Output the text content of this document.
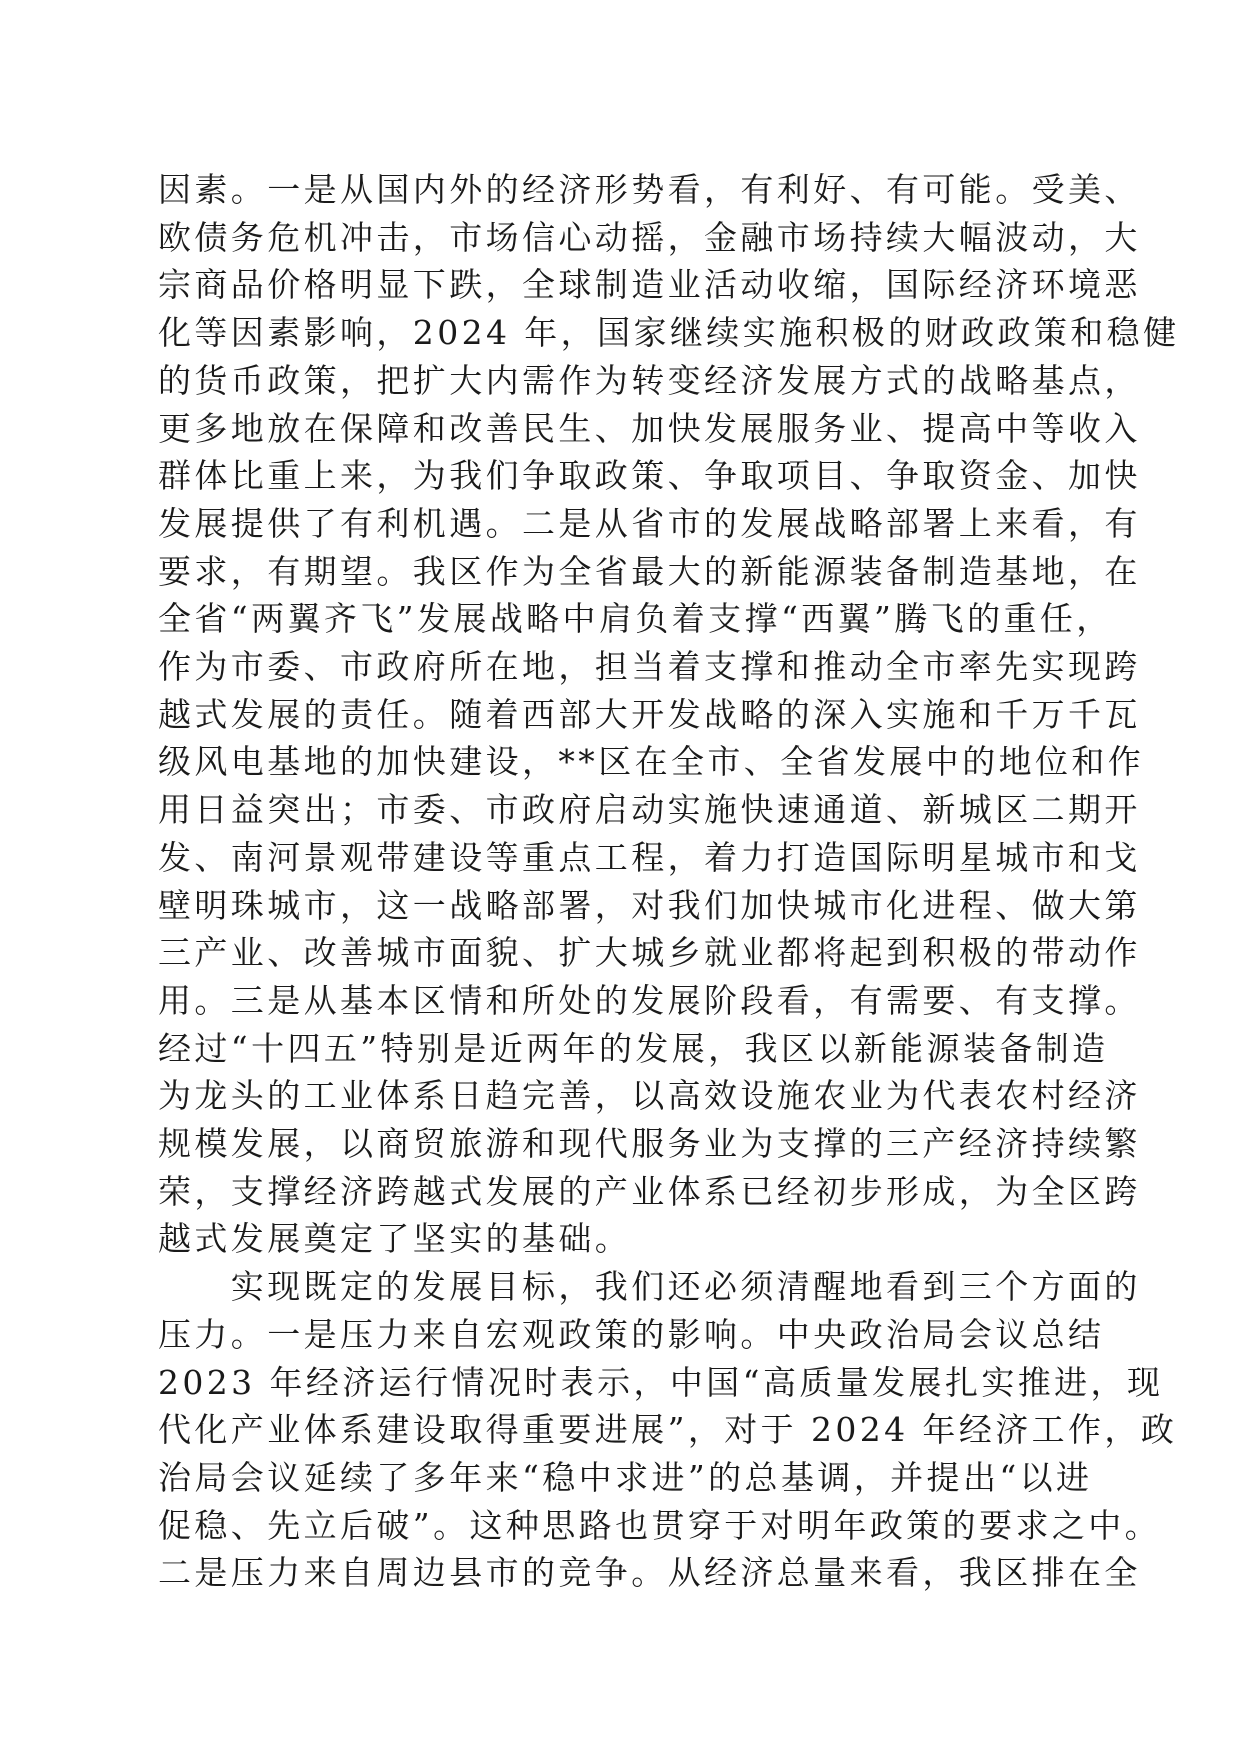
因素。一是从国内外的经济形势看，有利好、有可能。受美、
欧债务危机冲击，市场信心动摇，金融市场持续大幅波动，大
宗商品价格明显下跌，全球制造业活动收缩，国际经济环境恶
化等因素影响，2024 年，国家继续实施积极的财政政策和稳健
的货币政策，把扩大内需作为转变经济发展方式的战略基点，
更多地放在保障和改善民生、加快发展服务业、提高中等收入
群体比重上来，为我们争取政策、争取项目、争取资金、加快
发展提供了有利机遇。二是从省市的发展战略部署上来看，有
要求，有期望。我区作为全省最大的新能源装备制造基地，在
全省“两翼齐飞”发展战略中肩负着支撑“西翼”腾飞的重任，
作为市委、市政府所在地，担当着支撑和推动全市率先实现跨
越式发展的责任。随着西部大开发战略的深入实施和千万千瓦
级风电基地的加快建设，**区在全市、全省发展中的地位和作
用日益突出；市委、市政府启动实施快速通道、新城区二期开
发、南河景观带建设等重点工程，着力打造国际明星城市和戈
壁明珠城市，这一战略部署，对我们加快城市化进程、做大第
三产业、改善城市面貌、扩大城乡就业都将起到积极的带动作
用。三是从基本区情和所处的发展阶段看，有需要、有支撑。
经过“十四五”特别是近两年的发展，我区以新能源装备制造
为龙头的工业体系日趋完善，以高效设施农业为代表农村经济
规模发展，以商贸旅游和现代服务业为支撑的三产经济持续繁
荣，支撑经济跨越式发展的产业体系已经初步形成，为全区跨
越式发展奠定了坚实的基础。
　　实现既定的发展目标，我们还必须清醒地看到三个方面的
压力。一是压力来自宏观政策的影响。中央政治局会议总结
2023 年经济运行情况时表示，中国“高质量发展扎实推进，现
代化产业体系建设取得重要进展”，对于 2024 年经济工作，政
治局会议延续了多年来“稳中求进”的总基调，并提出“以进
促稳、先立后破”。这种思路也贯穿于对明年政策的要求之中。
二是压力来自周边县市的竞争。从经济总量来看，我区排在全
